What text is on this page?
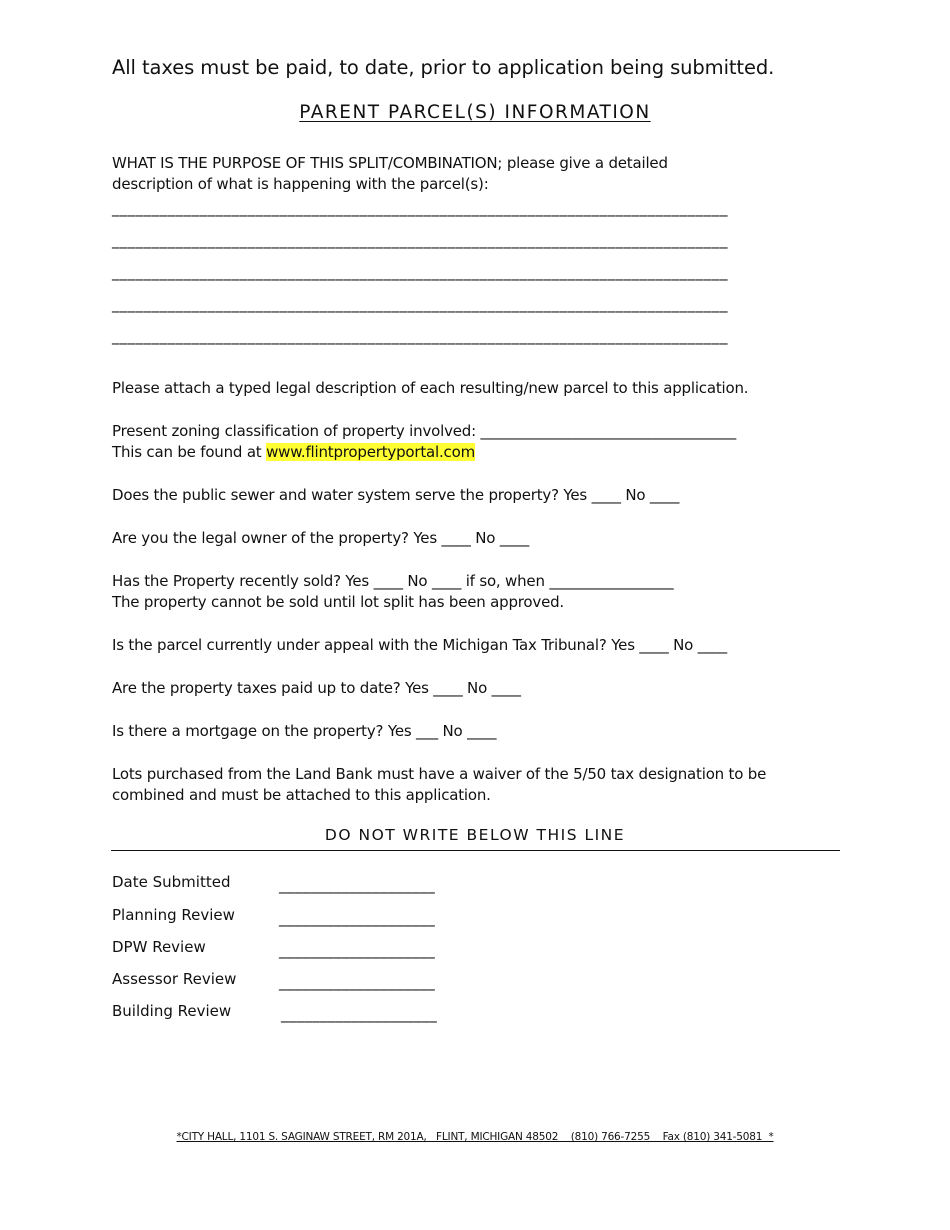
All taxes must be paid, to date, prior to application being submitted.
PARENT PARCEL(S) INFORMATION
WHAT IS THE PURPOSE OF THIS SPLIT/COMBINATION; please give a detailed
description of what is happening with the parcel(s):
_____________________________________________________________________________
_____________________________________________________________________________
_____________________________________________________________________________
_____________________________________________________________________________
_____________________________________________________________________________
Please attach a typed legal description of each resulting/new parcel to this application.
Present zoning classification of property involved: ___________________________________
This can be found at www.flintpropertyportal.com
Does the public sewer and water system serve the property? Yes ____ No ____
Are you the legal owner of the property? Yes ____ No ____
Has the Property recently sold? Yes ____ No ____ if so, when _________________
The property cannot be sold until lot split has been approved.
Is the parcel currently under appeal with the Michigan Tax Tribunal? Yes ____ No ____
Are the property taxes paid up to date? Yes ____ No ____
Is there a mortgage on the property? Yes ___ No ____
Lots purchased from the Land Bank must have a waiver of the 5/50 tax designation to be
combined and must be attached to this application.
DO NOT WRITE BELOW THIS LINE
Date Submitted	____________________
Planning Review	____________________
DPW Review	____________________
Assessor Review	____________________
Building Review	____________________
*CITY HALL, 1101 S. SAGINAW STREET, RM 201A,   FLINT, MICHIGAN 48502    (810) 766-7255    Fax (810) 341-5081  *
